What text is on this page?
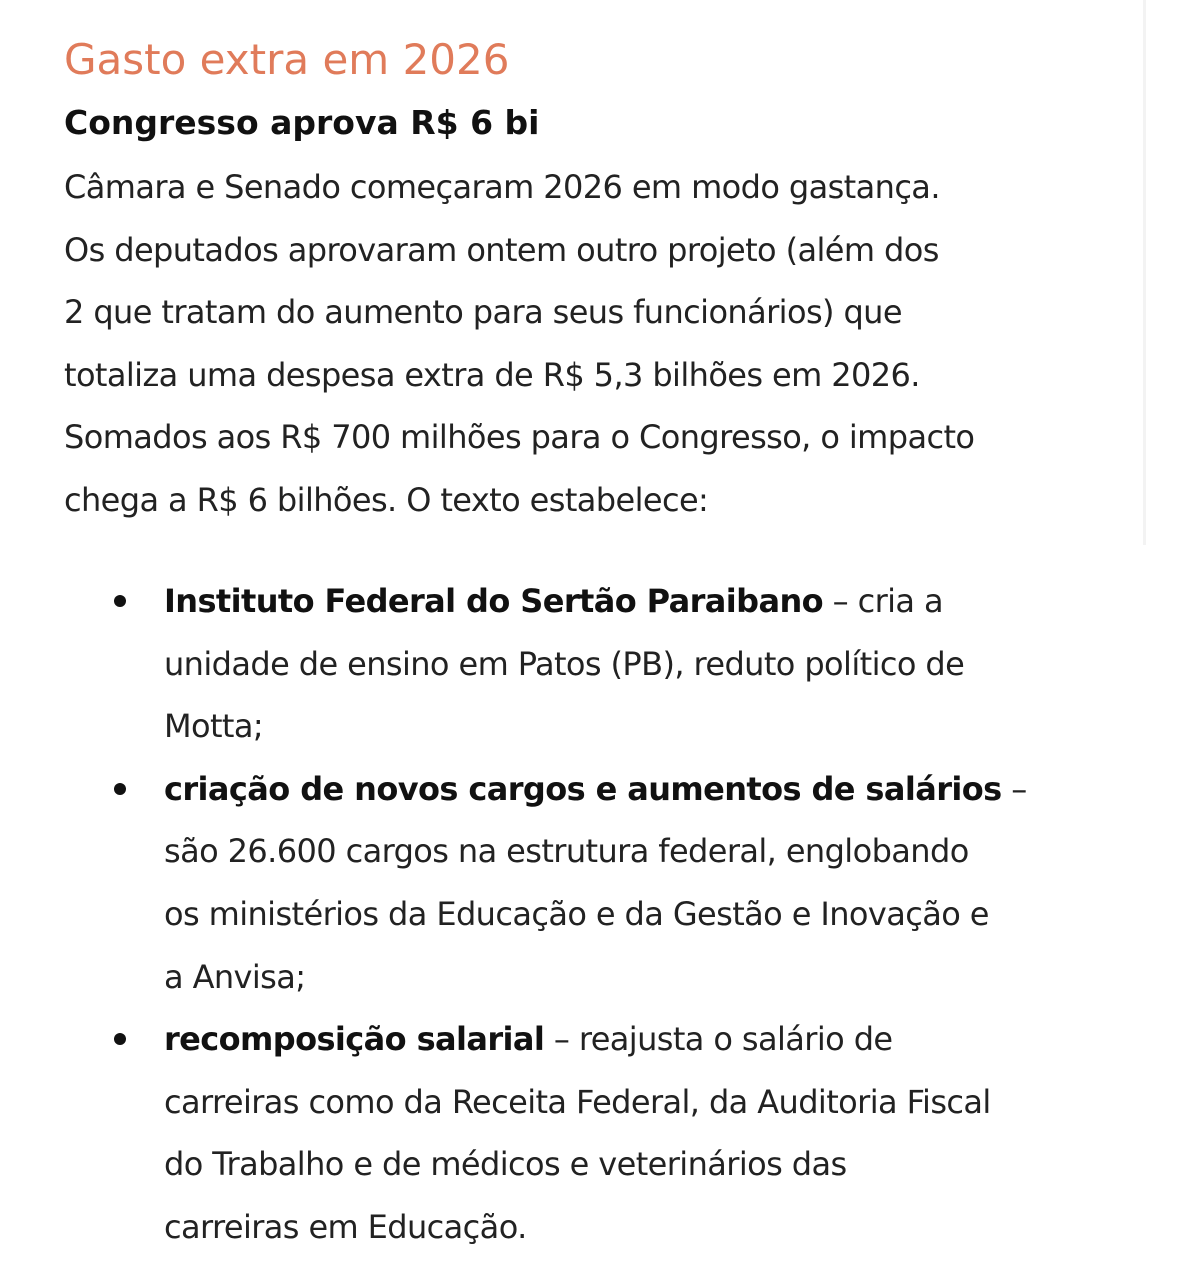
Gasto extra em 2026
Congresso aprova R$ 6 bi

Câmara e Senado começaram 2026 em modo gastança.
Os deputados aprovaram ontem outro projeto (além dos
2 que tratam do aumento para seus funcionários) que
totaliza uma despesa extra de R$ 5,3 bilhões em 2026.
Somados aos R$ 700 milhões para o Congresso, o impacto
chega a R$ 6 bilhões. O texto estabelece:

Instituto Federal do Sertão Paraibano – cria a
unidade de ensino em Patos (PB), reduto político de
Motta;
criação de novos cargos e aumentos de salários –
são 26.600 cargos na estrutura federal, englobando
os ministérios da Educação e da Gestão e Inovação e
a Anvisa;
recomposição salarial – reajusta o salário de
carreiras como da Receita Federal, da Auditoria Fiscal
do Trabalho e de médicos e veterinários das
carreiras em Educação.
